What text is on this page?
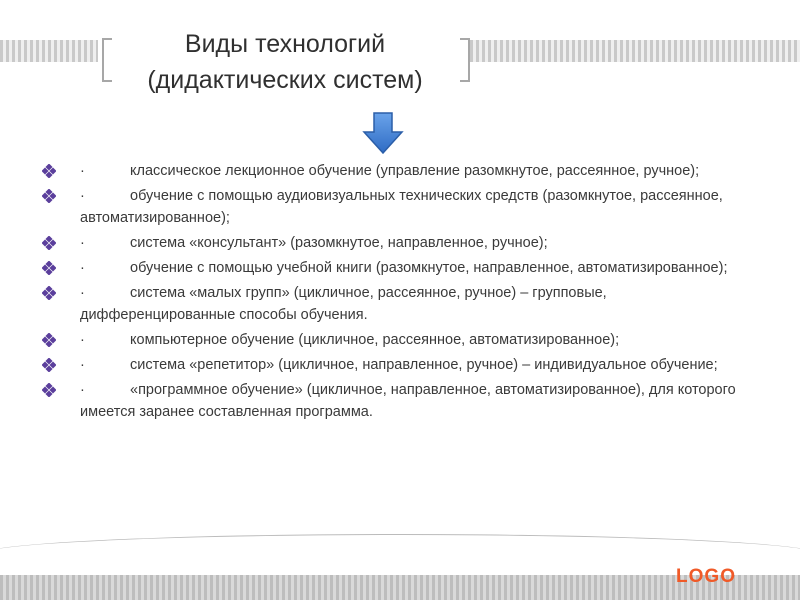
Виды технологий
(дидактических систем)
·	классическое лекционное обучение (управление разомкнутое, рассеянное, ручное);
·	обучение с помощью аудиовизуальных технических средств (разомкнутое, рассеянное, автоматизированное);
·	система «консультант» (разомкнутое, направленное, ручное);
·	обучение с помощью учебной книги (разомкнутое, направленное, автоматизированное);
·	система «малых групп» (цикличное, рассеянное, ручное) – групповые, дифференцированные способы обучения.
·	компьютерное обучение (цикличное, рассеянное, автоматизированное);
·	система «репетитор» (цикличное, направленное, ручное) – индивидуальное обучение;
·	«программное обучение» (цикличное, направленное, автоматизированное), для которого имеется заранее составленная программа.
LOGO
